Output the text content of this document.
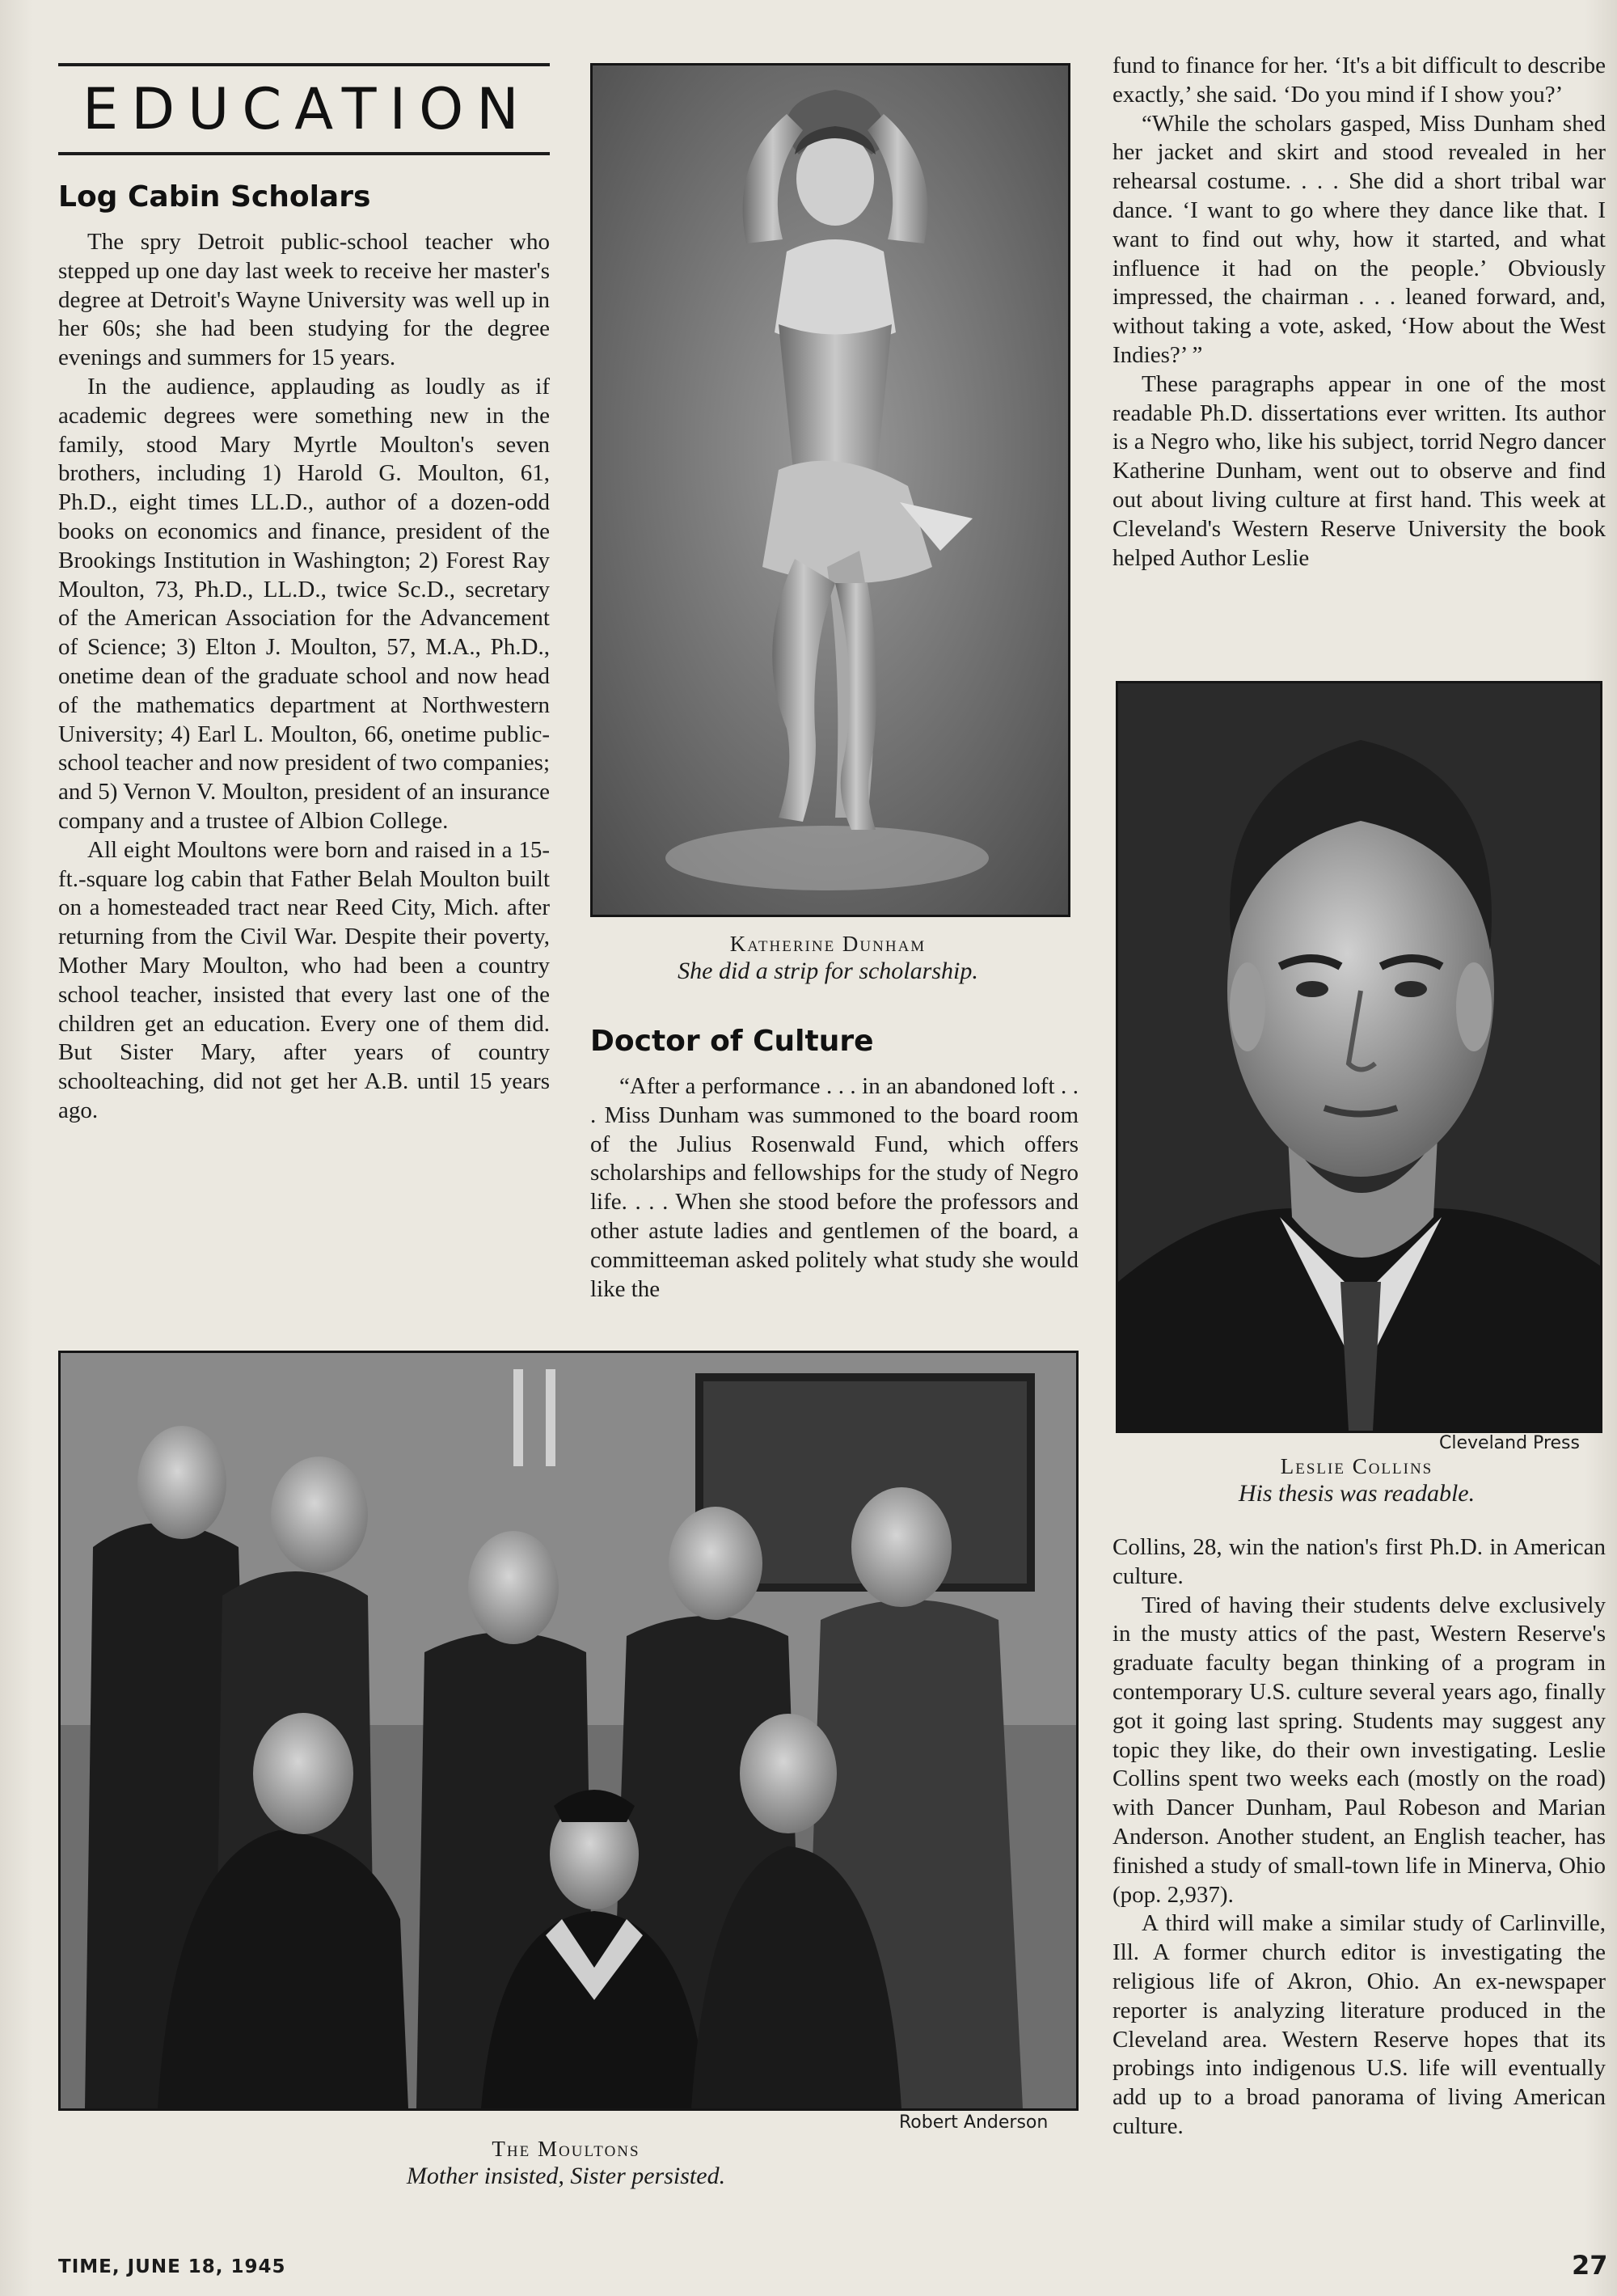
EDUCATION
Log Cabin Scholars

The spry Detroit public-school teacher who stepped up one day last week to receive her master's degree at Detroit's Wayne University was well up in her 60s; she had been studying for the degree evenings and summers for 15 years.

In the audience, applauding as loudly as if academic degrees were something new in the family, stood Mary Myrtle Moulton's seven brothers, including 1) Harold G. Moulton, 61, Ph.D., eight times LL.D., author of a dozen-odd books on economics and finance, president of the Brookings Institution in Washington; 2) Forest Ray Moulton, 73, Ph.D., LL.D., twice Sc.D., secretary of the American Association for the Advancement of Science; 3) Elton J. Moulton, 57, M.A., Ph.D., onetime dean of the graduate school and now head of the mathematics department at Northwestern University; 4) Earl L. Moulton, 66, onetime public-school teacher and now president of two companies; and 5) Vernon V. Moulton, president of an insurance company and a trustee of Albion College.

All eight Moultons were born and raised in a 15-ft.-square log cabin that Father Belah Moulton built on a homesteaded tract near Reed City, Mich. after returning from the Civil War. Despite their poverty, Mother Mary Moulton, who had been a country school teacher, insisted that every last one of the children get an education. Every one of them did. But Sister Mary, after years of country schoolteaching, did not get her A.B. until 15 years ago.

Katherine Dunham
She did a strip for scholarship.
Doctor of Culture

“After a performance . . . in an abandoned loft . . . Miss Dunham was summoned to the board room of the Julius Rosenwald Fund, which offers scholarships and fellowships for the study of Negro life. . . . When she stood before the professors and other astute ladies and gentlemen of the board, a committeeman asked politely what study she would like the

fund to finance for her. ‘It's a bit difficult to describe exactly,’ she said. ‘Do you mind if I show you?’

“While the scholars gasped, Miss Dunham shed her jacket and skirt and stood revealed in her rehearsal costume. . . . She did a short tribal war dance. ‘I want to go where they dance like that. I want to find out why, how it started, and what influence it had on the people.’ Obviously impressed, the chairman . . . leaned forward, and, without taking a vote, asked, ‘How about the West Indies?’ ”

These paragraphs appear in one of the most readable Ph.D. dissertations ever written. Its author is a Negro who, like his subject, torrid Negro dancer Katherine Dunham, went out to observe and find out about living culture at first hand. This week at Cleveland's Western Reserve University the book helped Author Leslie

Cleveland Press
Leslie Collins
His thesis was readable.

Collins, 28, win the nation's first Ph.D. in American culture.

Tired of having their students delve exclusively in the musty attics of the past, Western Reserve's graduate faculty began thinking of a program in contemporary U.S. culture several years ago, finally got it going last spring. Students may suggest any topic they like, do their own investigating. Leslie Collins spent two weeks each (mostly on the road) with Dancer Dunham, Paul Robeson and Marian Anderson. Another student, an English teacher, has finished a study of small-town life in Minerva, Ohio (pop. 2,937).

A third will make a similar study of Carlinville, Ill. A former church editor is investigating the religious life of Akron, Ohio. An ex-newspaper reporter is analyzing literature produced in the Cleveland area. Western Reserve hopes that its probings into indigenous U.S. life will eventually add up to a broad panorama of living American culture.

Robert Anderson
The Moultons
Mother insisted, Sister persisted.
TIME, JUNE 18, 1945	27
